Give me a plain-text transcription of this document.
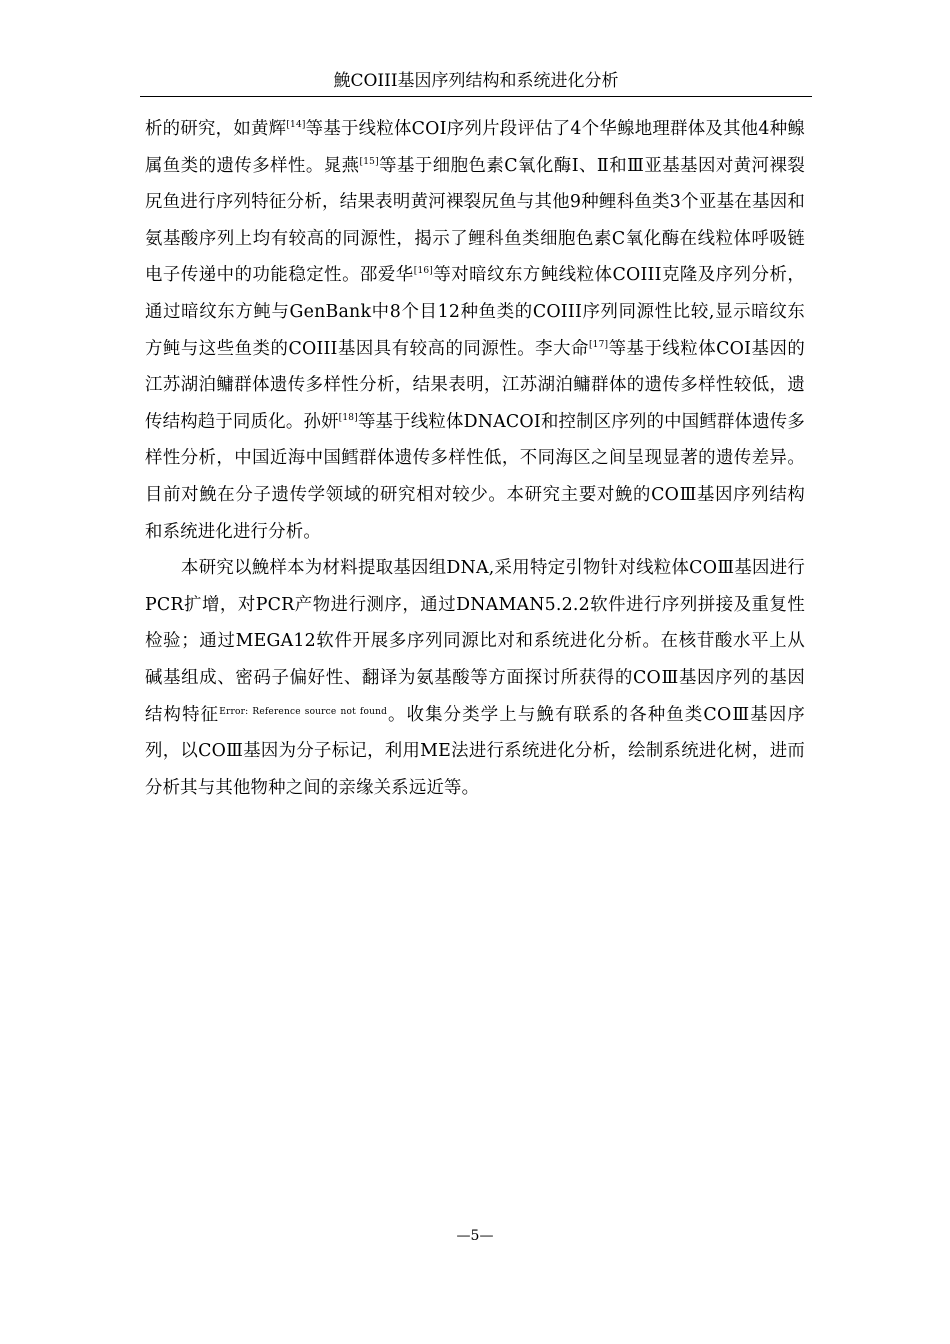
鮸COIII基因序列结构和系统进化分析

析的研究，如黄辉[14]等基于线粒体COI序列片段评估了4个华鳈地理群体及其他4种鳈属鱼类的遗传多样性。晁燕[15]等基于细胞色素C氧化酶Ⅰ、Ⅱ和Ⅲ亚基基因对黄河裸裂尻鱼进行序列特征分析，结果表明黄河裸裂尻鱼与其他9种鲤科鱼类3个亚基在基因和氨基酸序列上均有较高的同源性，揭示了鲤科鱼类细胞色素C氧化酶在线粒体呼吸链电子传递中的功能稳定性。邵爱华[16]等对暗纹东方鲀线粒体COIII克隆及序列分析，通过暗纹东方鲀与GenBank中8个目12种鱼类的COIII序列同源性比较,显示暗纹东方鲀与这些鱼类的COIII基因具有较高的同源性。李大命[17]等基于线粒体COI基因的江苏湖泊鳙群体遗传多样性分析，结果表明，江苏湖泊鳙群体的遗传多样性较低，遗传结构趋于同质化。孙妍[18]等基于线粒体DNACOI和控制区序列的中国鳕群体遗传多样性分析，中国近海中国鳕群体遗传多样性低，不同海区之间呈现显著的遗传差异。目前对鮸在分子遗传学领域的研究相对较少。本研究主要对鮸的COⅢ基因序列结构和系统进化进行分析。

本研究以鮸样本为材料提取基因组DNA,采用特定引物针对线粒体COⅢ基因进行PCR扩增，对PCR产物进行测序，通过DNAMAN5.2.2软件进行序列拼接及重复性检验；通过MEGA12软件开展多序列同源比对和系统进化分析。在核苷酸水平上从碱基组成、密码子偏好性、翻译为氨基酸等方面探讨所获得的COⅢ基因序列的基因结构特征$^{Error: Reference source not found}$。收集分类学上与鮸有联系的各种鱼类COⅢ基因序列，以COⅢ基因为分子标记，利用ME法进行系统进化分析，绘制系统进化树，进而分析其与其他物种之间的亲缘关系远近等。

—5—
